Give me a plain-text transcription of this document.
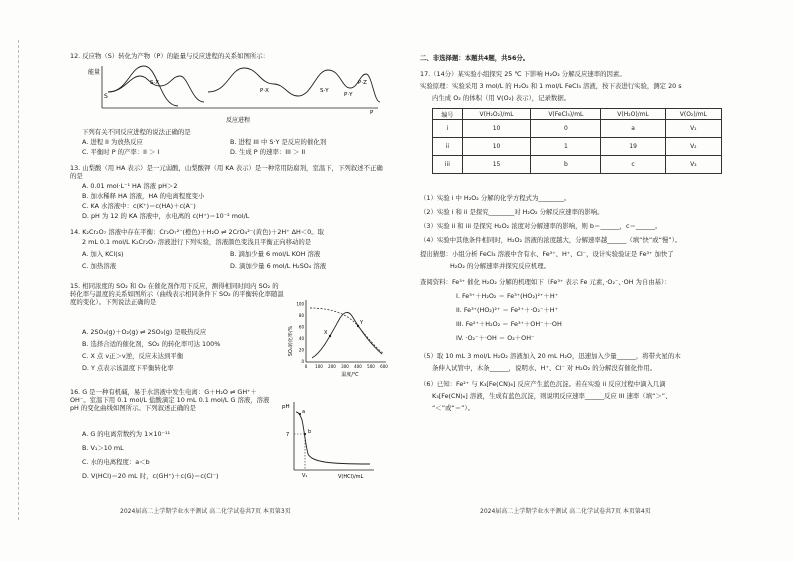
12. 反应物（S）转化为产物（P）的能量与反应进程的关系如图所示：
能量
S
S·X
P·X	S·Y
P·Y
P·Z
P
反应进程
下列有关不同反应进程的说法正确的是
A. 进程 II 为放热反应	B. 进程 III 中 S·Y 是反应的催化剂
C. 平衡时 P 的产率：II ＞ I	D. 生成 P 的速率：III ＞ II
13. 山梨酸（用 HA 表示）是一元弱酸，山梨酸钾（用 KA 表示）是一种常用防腐剂，室温下，下列叙述不正确的是
A. 0.01 mol·L⁻¹ HA 溶液 pH＞2
B. 加水稀释 HA 溶液，HA 的电离程度变小
C. KA 水溶液中：c(K⁺)＝c(HA)＋c(A⁻)
D. pH 为 12 的 KA 溶液中，水电离的 c(H⁺)＝10⁻² mol/L
14. K₂Cr₂O₇ 溶液中存在平衡：Cr₂O₇²⁻(橙色)＋H₂O ⇌ 2CrO₄²⁻(黄色)＋2H⁺ ΔH＜0。取
2 mL 0.1 mol/L K₂Cr₂O₇ 溶液进行下列实验，溶液颜色变浅且平衡正向移动的是
A. 加入 KCl(s)	B. 滴加少量 6 mol/L KOH 溶液
C. 加热溶液	D. 滴加少量 6 mol/L H₂SO₄ 溶液
15. 相同浓度的 SO₂ 和 O₂ 在催化剂作用下反应，测得相同时间内 SO₂ 的转化率与温度的关系如图所示（曲线表示相同条件下 SO₂ 的平衡转化率随温度的变化）。下列说法正确的是
A. 2SO₂(g)＋O₂(g) ⇌ 2SO₃(g) 是吸热反应
B. 选择合适的催化剂，SO₂ 的转化率可达 100%
C. X 点 v正＞v逆，反应未达到平衡
D. Y 点表示该温度下平衡转化率
SO₂转化率/%
0
20
40
60
80
100
0 100 200 300 400 500 600
X
Y
温度/℃
16. G 是一种有机碱，易于水溶液中发生电离：G＋H₂O ⇌ GH⁺＋OH⁻。室温下用 0.1 mol/L 盐酸滴定 10 mL 0.1 mol/L G 溶液，溶液 pH 的变化曲线如图所示。下列叙述正确的是
A. G 的电离常数约为 1×10⁻¹¹
B. V₁＞10 mL
C. 水的电离程度：a＜b
D. V(HCl)＝20 mL 时，c(GH⁺)＋c(G)＝c(Cl⁻)
pH
7
a
b
V₁	V(HCl)/mL
2024届高二上学期学业水平测试 高二化学试卷共7页 本页第3页
二、非选择题：本题共4题，共56分。
17.（14分）某实验小组探究 25 ℃ 下影响 H₂O₂ 分解反应速率的因素。
实验原理：实验采用 3 mol/L 的 H₂O₂ 和 1 mol/L FeCl₃ 溶液，按下表进行实验，测定 20 s
内生成 O₂ 的体积（用 V(O₂) 表示），记录数据。
编号	V(H₂O₂)/mL	V(FeCl₃)/mL	V(H₂O)/mL	V(O₂)/mL
i	10	0	a	V₁
ii	10	1	19	V₂
iii	15	b	c	V₃
（1）实验 i 中 H₂O₂ 分解的化学方程式为________。
（2）实验 i 和 ii 是探究________对 H₂O₂ 分解反应速率的影响。
（3）实验 ii 和 iii 是探究 H₂O₂ 浓度对分解速率的影响，则 b＝______，c＝______。
（4）实验中其他条件相同时，H₂O₂ 溶液的浓度越大，分解速率越______（填“快”或“慢”）。
提出猜想：小组分析 FeCl₃ 溶液中含有水、Fe³⁺、H⁺、Cl⁻，设计实验验证是 Fe³⁺ 加快了
H₂O₂ 的分解速率并探究反应机理。
查阅资料：Fe³⁺ 催化 H₂O₂ 分解的机理如下（Fe³⁺ 表示 Fe 元素，·O₂⁻、·OH 为自由基）：
I. Fe³⁺＋H₂O₂ ＝ Fe³⁺(HO₂)²⁺＋H⁺
II. Fe³⁺(HO₂)²⁺ ＝ Fe²⁺＋·O₂⁻＋H⁺
III. Fe²⁺＋H₂O₂ ＝ Fe³⁺＋OH⁻＋·OH
IV. ·O₂⁻＋·OH ＝ O₂＋OH⁻
（5）取 10 mL 3 mol/L H₂O₂ 溶液加入 20 mL H₂O，迅速加入少量______，将带火星的木
条伸入试管中，木条______，说明水、H⁺、Cl⁻ 对 H₂O₂ 的分解没有催化作用。
（6）已知：Fe²⁺ 与 K₃[Fe(CN)₆] 反应产生蓝色沉淀。若在实验 ii 反应过程中滴入几滴
K₃[Fe(CN)₆] 溶液，生成有蓝色沉淀，则说明反应速率______反应 III 速率（填“＞”、
“＜”或“＝”）。
2024届高二上学期学业水平测试 高二化学试卷共7页 本页第4页
